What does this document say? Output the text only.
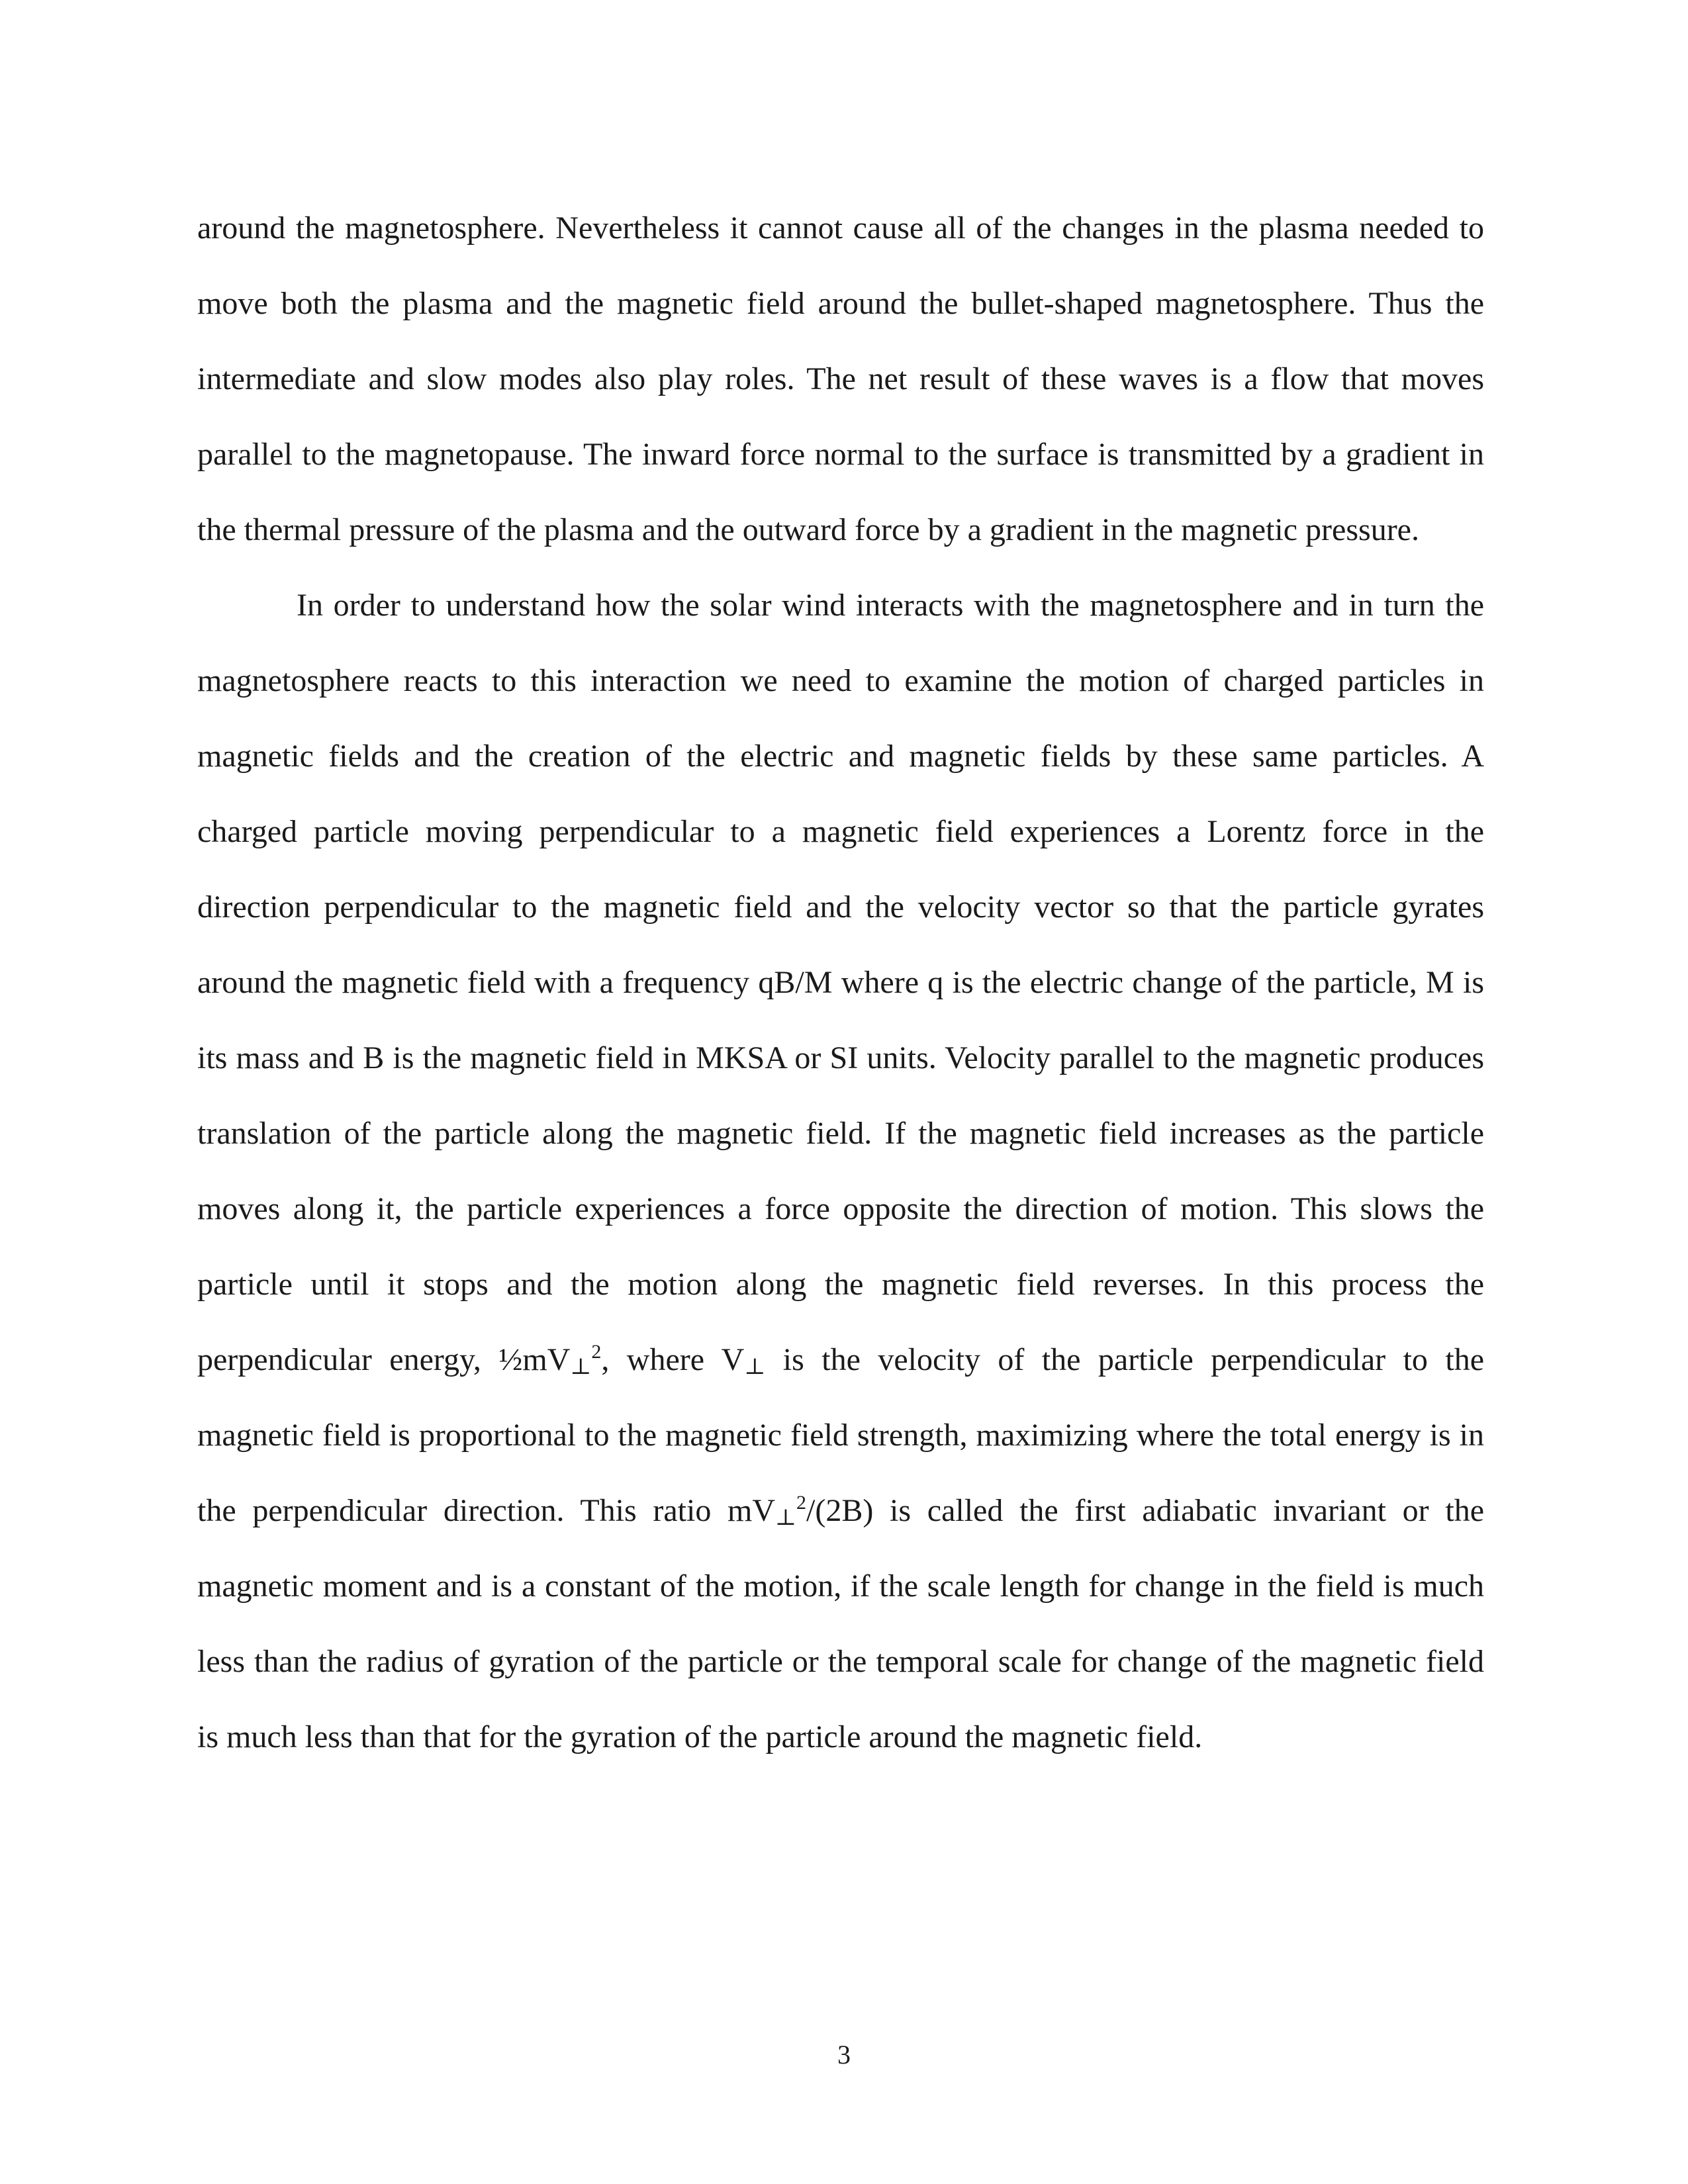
around the magnetosphere. Nevertheless it cannot cause all of the changes in the plasma needed to move both the plasma and the magnetic field around the bullet-shaped magnetosphere. Thus the intermediate and slow modes also play roles. The net result of these waves is a flow that moves parallel to the magnetopause. The inward force normal to the surface is transmitted by a gradient in the thermal pressure of the plasma and the outward force by a gradient in the magnetic pressure.

In order to understand how the solar wind interacts with the magnetosphere and in turn the magnetosphere reacts to this interaction we need to examine the motion of charged particles in magnetic fields and the creation of the electric and magnetic fields by these same particles. A charged particle moving perpendicular to a magnetic field experiences a Lorentz force in the direction perpendicular to the magnetic field and the velocity vector so that the particle gyrates around the magnetic field with a frequency qB/M where q is the electric change of the particle, M is its mass and B is the magnetic field in MKSA or SI units. Velocity parallel to the magnetic produces translation of the particle along the magnetic field. If the magnetic field increases as the particle moves along it, the particle experiences a force opposite the direction of motion. This slows the particle until it stops and the motion along the magnetic field reverses. In this process the perpendicular energy, $\frac{1}{2}mV_\perp^2$, where $V_\perp$ is the velocity of the particle perpendicular to the magnetic field is proportional to the magnetic field strength, maximizing where the total energy is in the perpendicular direction. This ratio $mV_\perp^2/(2B)$ is called the first adiabatic invariant or the magnetic moment and is a constant of the motion, if the scale length for change in the field is much less than the radius of gyration of the particle or the temporal scale for change of the magnetic field is much less than that for the gyration of the particle around the magnetic field.

3
